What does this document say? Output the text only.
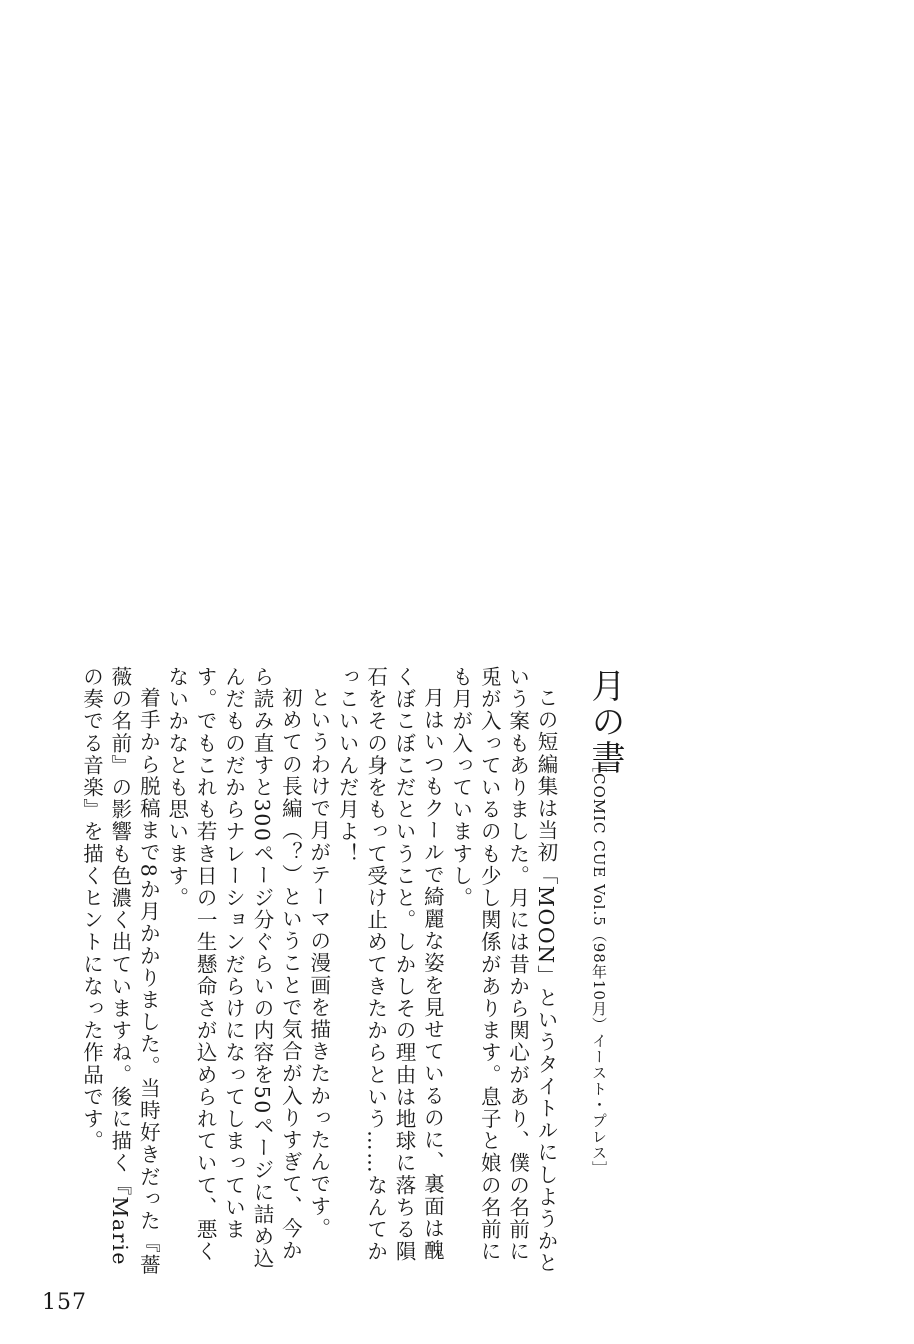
月の書
［COMIC CUE Vol.5（98年10月）イースト・プレス］

この短編集は当初「MOON」というタイトルにしようかという案もありました。月には昔から関心があり、僕の名前に兎が入っているのも少し関係があります。息子と娘の名前にも月が入っていますし。

月はいつもクールで綺麗な姿を見せているのに、裏面は醜くぼこぼこだということ。しかしその理由は地球に落ちる隕石をその身をもって受け止めてきたからという……なんてかっこいいんだ月よ！

というわけで月がテーマの漫画を描きたかったんです。

初めての長編（？）ということで気合が入りすぎて、今から読み直すと300ページ分ぐらいの内容を50ページに詰め込んだものだからナレーションだらけになってしまっています。でもこれも若き日の一生懸命さが込められていて、悪くないかなとも思います。

着手から脱稿まで8か月かかりました。当時好きだった『薔薇の名前』の影響も色濃く出ていますね。後に描く『Marieの奏でる音楽』を描くヒントになった作品です。

157
